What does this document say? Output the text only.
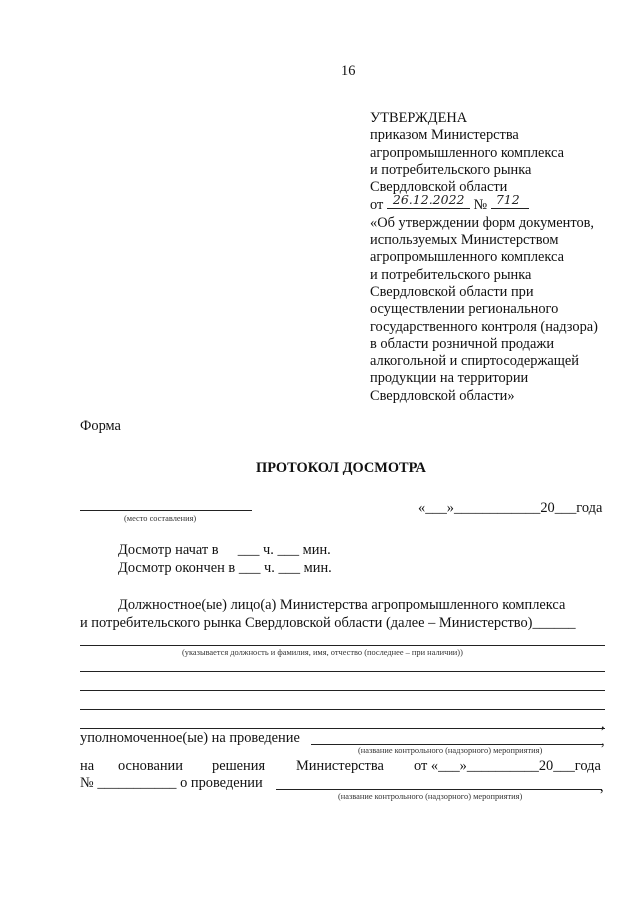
16
УТВЕРЖДЕНА
приказом Министерства
агропромышленного комплекса
и потребительского рынка
Свердловской области
от 26.12.2022 № 712
«Об утверждении форм документов,
используемых Министерством
агропромышленного комплекса
и потребительского рынка
Свердловской области при
осуществлении регионального
государственного контроля (надзора)
в области розничной продажи
алкогольной и спиртосодержащей
продукции на территории
Свердловской области»
Форма
ПРОТОКОЛ ДОСМОТРА
(место составления)
«___»____________20___года
Досмотр начат в ___ ч. ___ мин.
Досмотр окончен в ___ ч. ___ мин.
Должностное(ые) лицо(а) Министерства агропромышленного комплекса
и потребительского рынка Свердловской области (далее – Министерство)______
(указывается должность и фамилия, имя, отчество (последнее – при наличии))
,
уполномоченное(ые) на проведение	,
(название контрольного (надзорного) мероприятия)
на основании решения Министерства от «___»__________20___года
№ ___________ о проведении	,
(название контрольного (надзорного) мероприятия)
